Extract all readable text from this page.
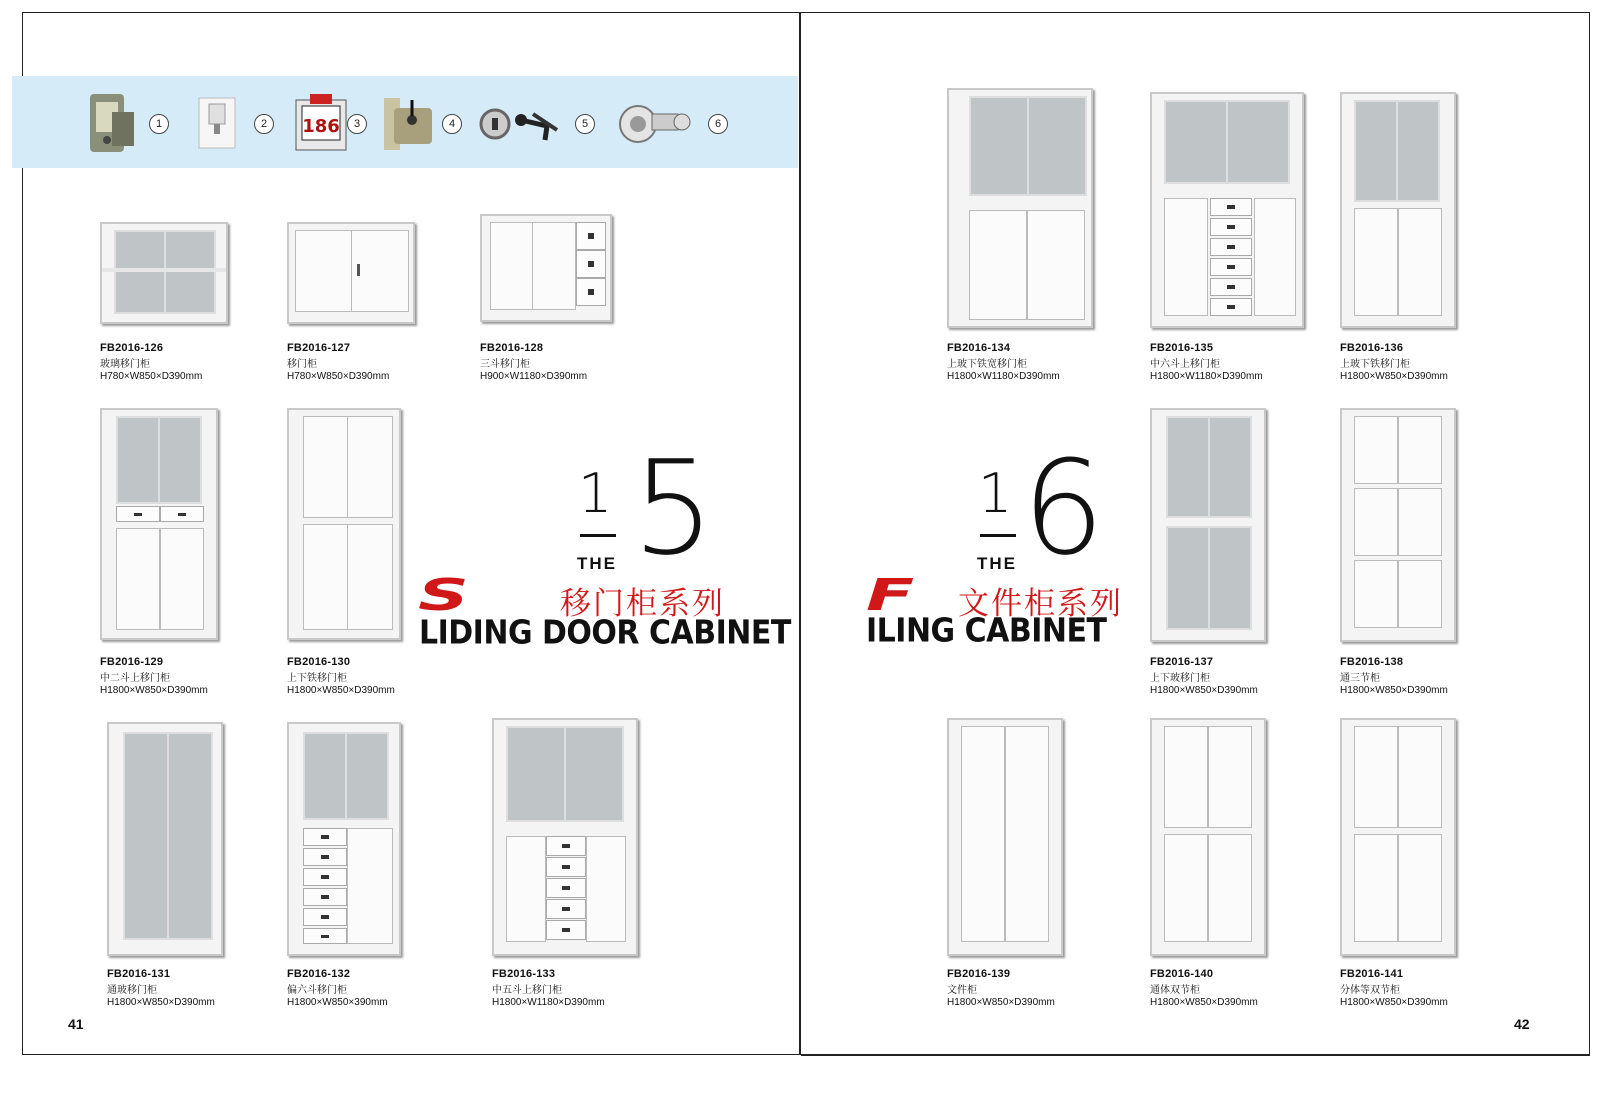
1	2	186	3	4	5	6
FB2016-126
玻璃移门柜
H780×W850×D390mm
FB2016-127
移门柜
H780×W850×D390mm
FB2016-128
三斗移门柜
H900×W1180×D390mm
FB2016-129
中二斗上移门柜
H1800×W850×D390mm
FB2016-130
上下铁移门柜
H1800×W850×D390mm
FB2016-131
通玻移门柜
H1800×W850×D390mm
FB2016-132
偏六斗移门柜
H1800×W850×390mm
FB2016-133
中五斗上移门柜
H1800×W1180×D390mm
1
THE 5
S	移门柜系列
LIDING DOOR CABINET
41
FB2016-134
上玻下铁宽移门柜
H1800×W1180×D390mm
FB2016-135
中六斗上移门柜
H1800×W1180×D390mm
FB2016-136
上玻下铁移门柜
H1800×W850×D390mm
FB2016-137
上下玻移门柜
H1800×W850×D390mm
FB2016-138
通三节柜
H1800×W850×D390mm
FB2016-139
文件柜
H1800×W850×D390mm
FB2016-140
通体双节柜
H1800×W850×D390mm
FB2016-141
分体等双节柜
H1800×W850×D390mm
1
THE 6
F 文件柜系列
ILING CABINET
42
